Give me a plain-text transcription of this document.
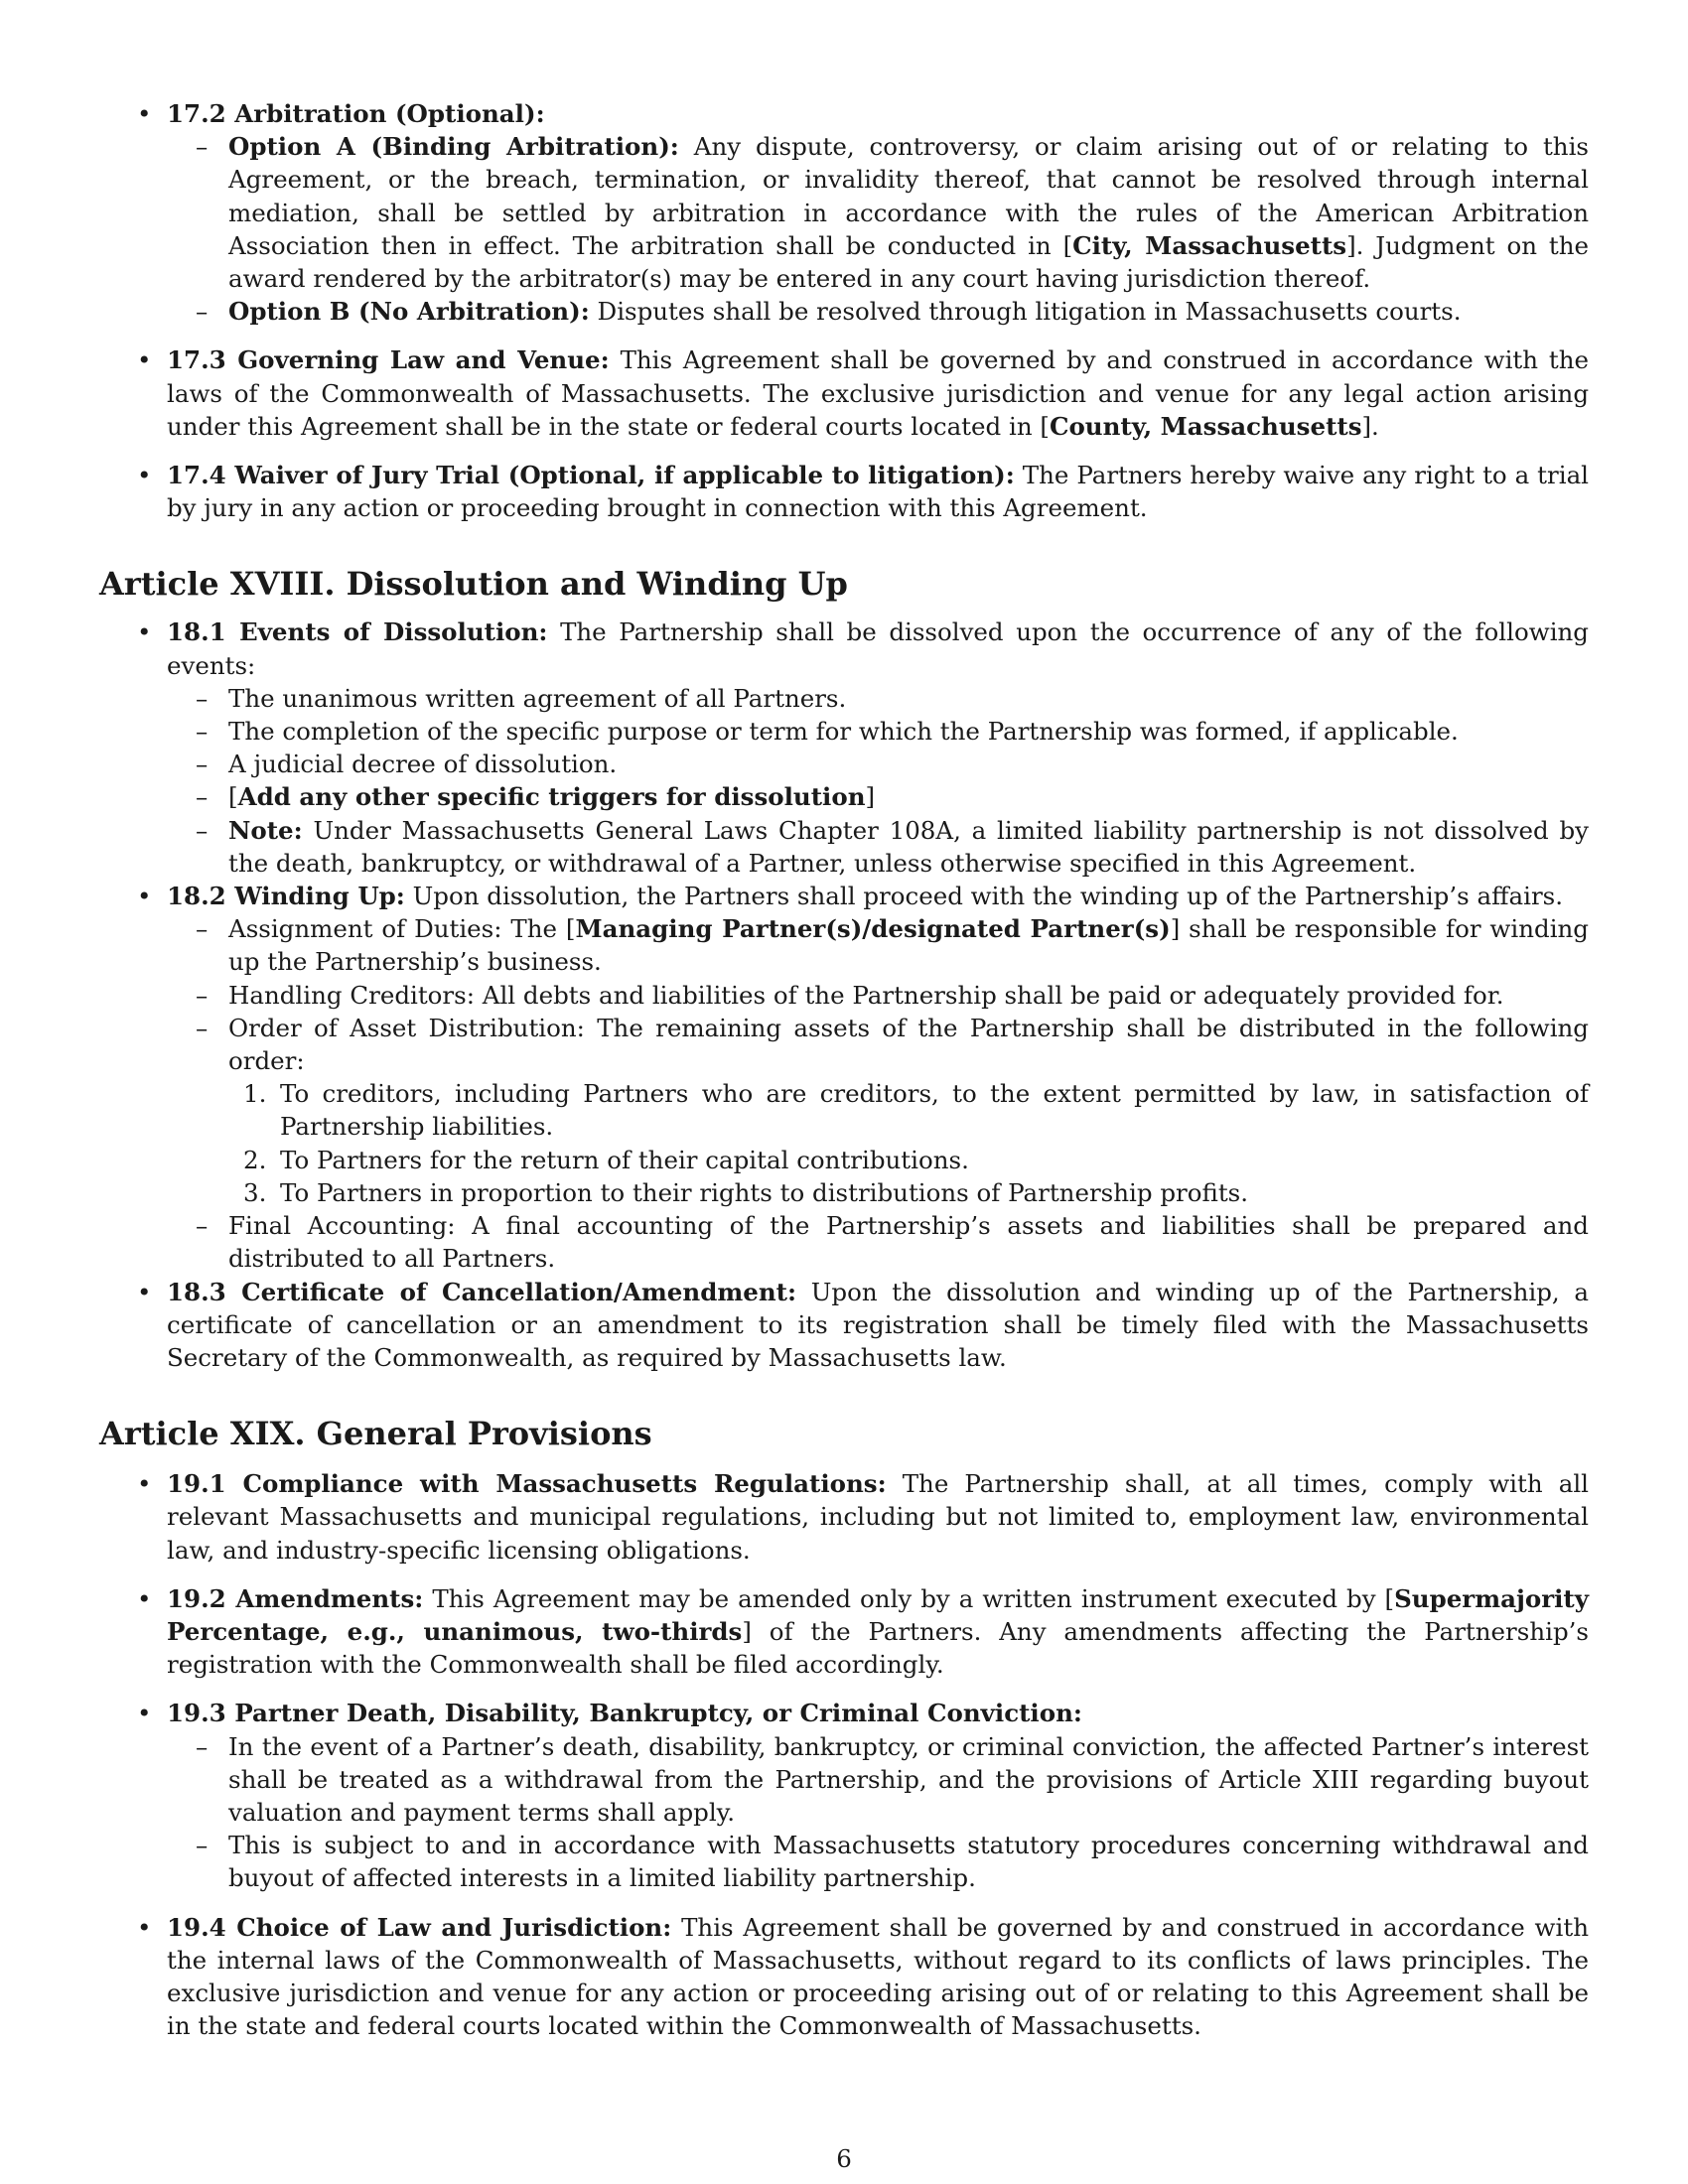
• 17.2 Arbitration (Optional):
– Option A (Binding Arbitration): Any dispute, controversy, or claim arising out of or relating to this Agreement, or the breach, termination, or invalidity thereof, that cannot be resolved through internal mediation, shall be settled by arbitration in accordance with the rules of the American Arbitration Association then in effect. The arbitration shall be conducted in [City, Massachusetts]. Judgment on the award rendered by the arbitrator(s) may be entered in any court having jurisdiction thereof.
– Option B (No Arbitration): Disputes shall be resolved through litigation in Massachusetts courts.
• 17.3 Governing Law and Venue: This Agreement shall be governed by and construed in accordance with the laws of the Commonwealth of Massachusetts. The exclusive jurisdiction and venue for any legal action arising under this Agreement shall be in the state or federal courts located in [County, Massachusetts].
• 17.4 Waiver of Jury Trial (Optional, if applicable to litigation): The Partners hereby waive any right to a trial by jury in any action or proceeding brought in connection with this Agreement.
Article XVIII. Dissolution and Winding Up
• 18.1 Events of Dissolution: The Partnership shall be dissolved upon the occurrence of any of the following events:
– The unanimous written agreement of all Partners.
– The completion of the specific purpose or term for which the Partnership was formed, if applicable.
– A judicial decree of dissolution.
– [Add any other specific triggers for dissolution]
– Note: Under Massachusetts General Laws Chapter 108A, a limited liability partnership is not dissolved by the death, bankruptcy, or withdrawal of a Partner, unless otherwise specified in this Agreement.
• 18.2 Winding Up: Upon dissolution, the Partners shall proceed with the winding up of the Partnership’s affairs.
– Assignment of Duties: The [Managing Partner(s)/designated Partner(s)] shall be responsible for winding up the Partnership’s business.
– Handling Creditors: All debts and liabilities of the Partnership shall be paid or adequately provided for.
– Order of Asset Distribution: The remaining assets of the Partnership shall be distributed in the following order:
1. To creditors, including Partners who are creditors, to the extent permitted by law, in satisfaction of Partnership liabilities.
2. To Partners for the return of their capital contributions.
3. To Partners in proportion to their rights to distributions of Partnership profits.
– Final Accounting: A final accounting of the Partnership’s assets and liabilities shall be prepared and distributed to all Partners.
• 18.3 Certificate of Cancellation/Amendment: Upon the dissolution and winding up of the Partnership, a certificate of cancellation or an amendment to its registration shall be timely filed with the Massachusetts Secretary of the Commonwealth, as required by Massachusetts law.
Article XIX. General Provisions
• 19.1 Compliance with Massachusetts Regulations: The Partnership shall, at all times, comply with all relevant Massachusetts and municipal regulations, including but not limited to, employment law, environmental law, and industry-specific licensing obligations.
• 19.2 Amendments: This Agreement may be amended only by a written instrument executed by [Supermajority Percentage, e.g., unanimous, two-thirds] of the Partners. Any amendments affecting the Partnership’s registration with the Commonwealth shall be filed accordingly.
• 19.3 Partner Death, Disability, Bankruptcy, or Criminal Conviction:
– In the event of a Partner’s death, disability, bankruptcy, or criminal conviction, the affected Partner’s interest shall be treated as a withdrawal from the Partnership, and the provisions of Article XIII regarding buyout valuation and payment terms shall apply.
– This is subject to and in accordance with Massachusetts statutory procedures concerning withdrawal and buyout of affected interests in a limited liability partnership.
• 19.4 Choice of Law and Jurisdiction: This Agreement shall be governed by and construed in accordance with the internal laws of the Commonwealth of Massachusetts, without regard to its conflicts of laws principles. The exclusive jurisdiction and venue for any action or proceeding arising out of or relating to this Agreement shall be in the state and federal courts located within the Commonwealth of Massachusetts.
6
